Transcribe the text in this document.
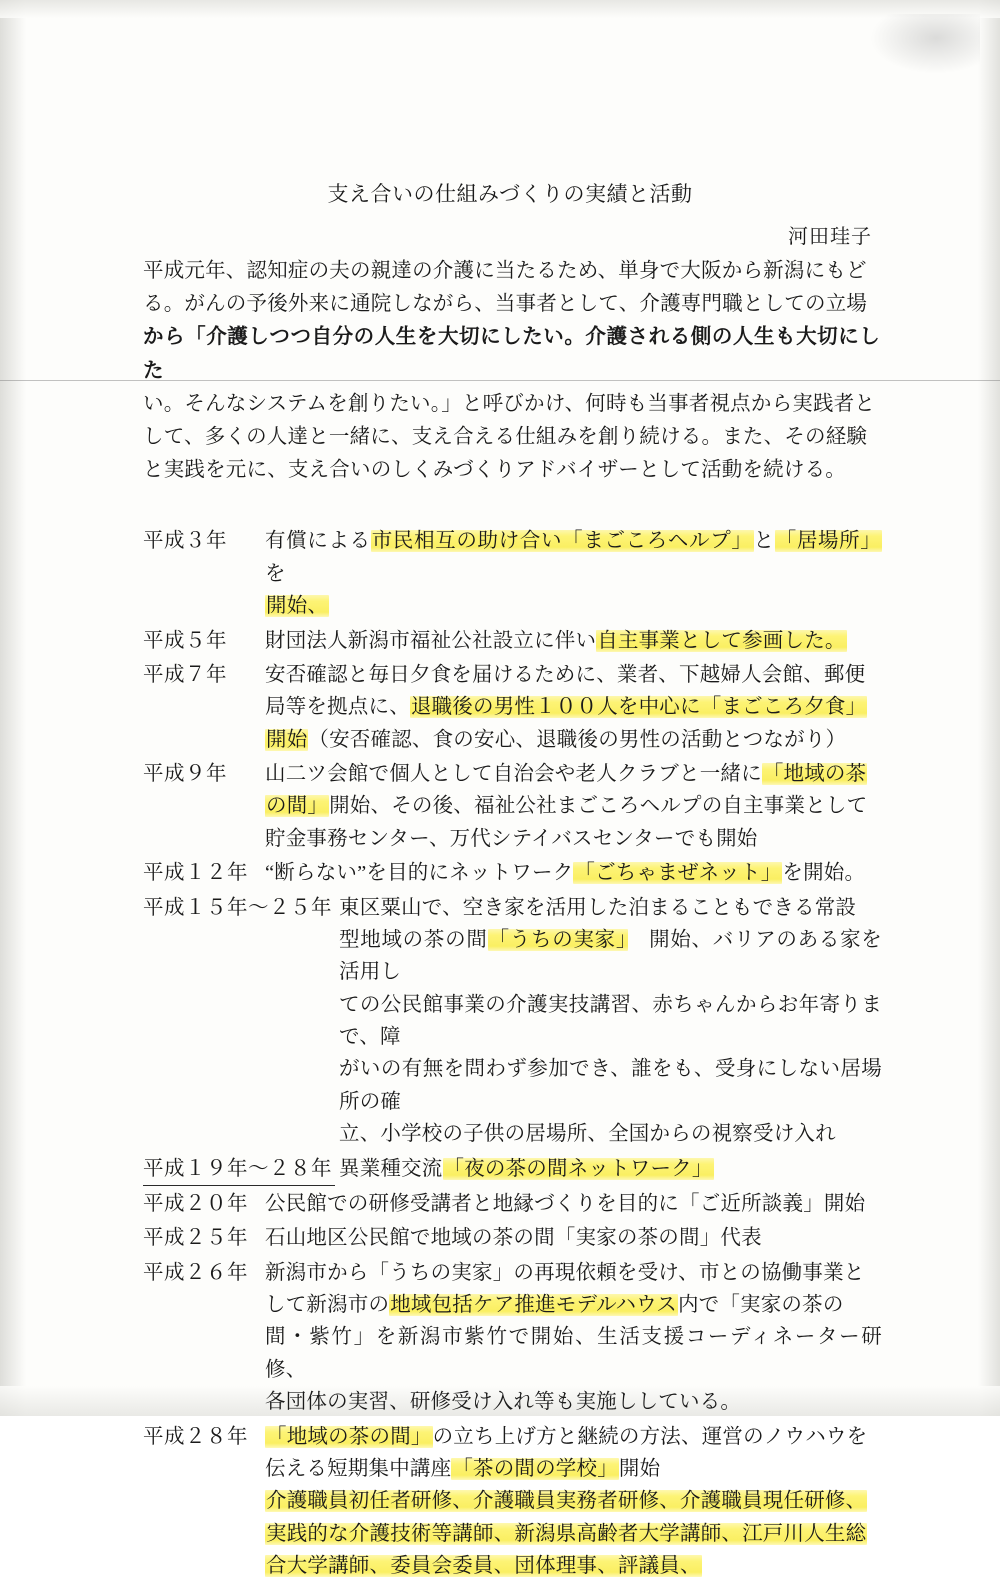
支え合いの仕組みづくりの実績と活動
河田珪子
平成元年、認知症の夫の親達の介護に当たるため、単身で大阪から新潟にもど
る。がんの予後外来に通院しながら、当事者として、介護専門職としての立場
から「介護しつつ自分の人生を大切にしたい。介護される側の人生も大切にした
い。そんなシステムを創りたい。」と呼びかけ、何時も当事者視点から実践者と
して、多くの人達と一緒に、支え合える仕組みを創り続ける。また、その経験
と実践を元に、支え合いのしくみづくりアドバイザーとして活動を続ける。
平成３年	有償による市民相互の助け合い「まごころヘルプ」と「居場所」を
開始、
平成５年	財団法人新潟市福祉公社設立に伴い自主事業として参画した。
平成７年	安否確認と毎日夕食を届けるために、業者、下越婦人会館、郵便
局等を拠点に、退職後の男性１００人を中心に「まごころ夕食」
開始（安否確認、食の安心、退職後の男性の活動とつながり）
平成９年	山二ツ会館で個人として自治会や老人クラブと一緒に「地域の茶
の間」開始、その後、福祉公社まごころヘルプの自主事業として
貯金事務センター、万代シテイバスセンターでも開始
平成１２年 “断らない”を目的にネットワーク「ごちゃまぜネット」を開始。
平成１５年～２５年 東区粟山で、空き家を活用した泊まることもできる常設
型地域の茶の間「うちの実家」　開始、バリアのある家を活用し
ての公民館事業の介護実技講習、赤ちゃんからお年寄りまで、障
がいの有無を問わず参加でき、誰をも、受身にしない居場所の確
立、小学校の子供の居場所、全国からの視察受け入れ
平成１９年～２８年 異業種交流「夜の茶の間ネットワーク」
平成２０年 公民館での研修受講者と地縁づくりを目的に「ご近所談義」開始
平成２５年 石山地区公民館で地域の茶の間「実家の茶の間」代表
平成２６年 新潟市から「うちの実家」の再現依頼を受け、市との協働事業と
して新潟市の地域包括ケア推進モデルハウス内で「実家の茶の
間・紫竹」を新潟市紫竹で開始、生活支援コーディネーター研修、
各団体の実習、研修受け入れ等も実施ししている。
平成２８年 「地域の茶の間」の立ち上げ方と継続の方法、運営のノウハウを
伝える短期集中講座「茶の間の学校」開始
介護職員初任者研修、介護職員実務者研修、介護職員現任研修、
実践的な介護技術等講師、新潟県高齢者大学講師、江戸川人生総
合大学講師、委員会委員、団体理事、評議員、
